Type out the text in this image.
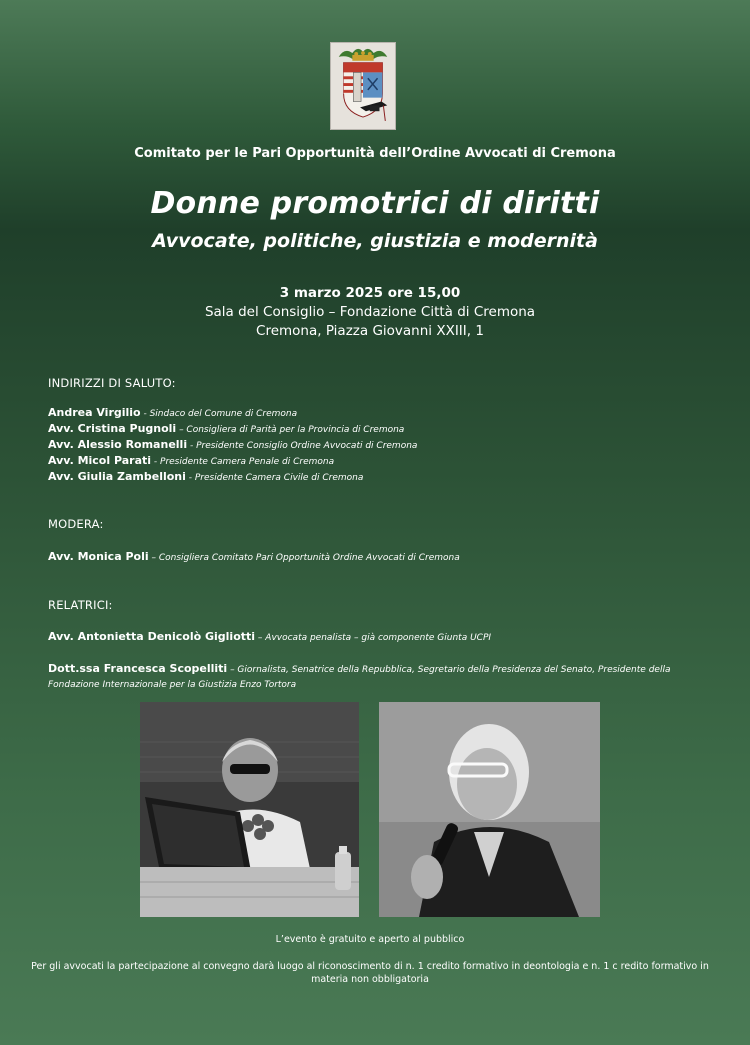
Comitato per le Pari Opportunità dell’Ordine Avvocati di Cremona
Donne promotrici di diritti
Avvocate, politiche, giustizia e modernità
3 marzo 2025 ore 15,00
Sala del Consiglio – Fondazione Città di Cremona
Cremona, Piazza Giovanni XXIII, 1
INDIRIZZI DI SALUTO:
Andrea Virgilio - Sindaco del Comune di Cremona
Avv. Cristina Pugnoli – Consigliera di Parità per la Provincia di Cremona
Avv. Alessio Romanelli - Presidente Consiglio Ordine Avvocati di Cremona
Avv. Micol Parati - Presidente Camera Penale di Cremona
Avv. Giulia Zambelloni - Presidente Camera Civile di Cremona
MODERA:
Avv. Monica Poli – Consigliera Comitato Pari Opportunità Ordine Avvocati di Cremona
RELATRICI:
Avv. Antonietta Denicolò Gigliotti – Avvocata penalista – già componente Giunta UCPI
Dott.ssa Francesca Scopelliti – Giornalista, Senatrice della Repubblica, Segretario della Presidenza del Senato, Presidente della
Fondazione Internazionale per la Giustizia Enzo Tortora
L’evento è gratuito e aperto al pubblico
Per gli avvocati la partecipazione al convegno darà luogo al riconoscimento di n. 1 credito formativo in deontologia e n. 1 c redito formativo in
materia non obbligatoria
